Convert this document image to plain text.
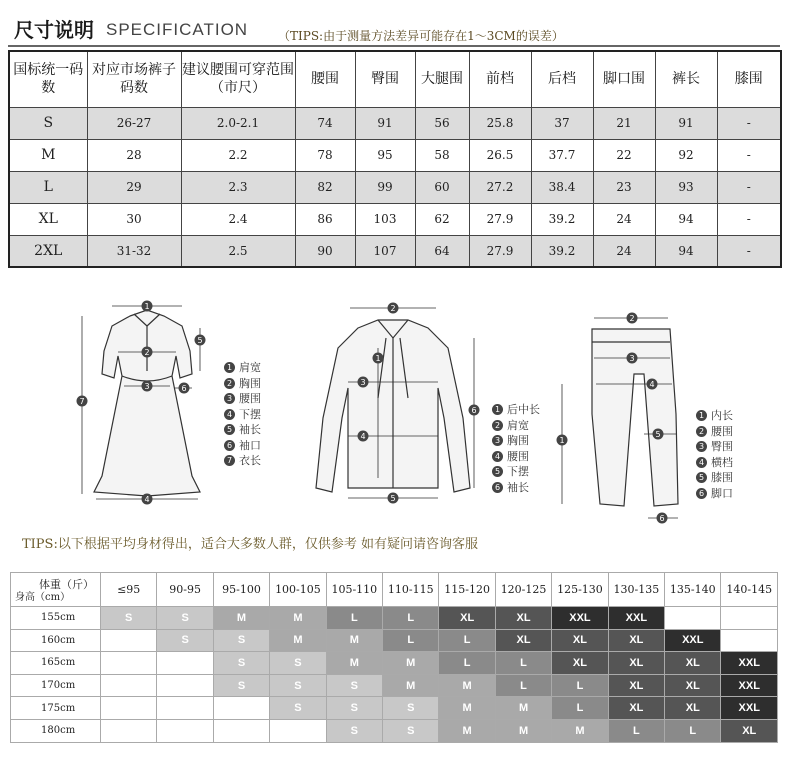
尺寸说明 SPECIFICATION （TIPS:由于测量方法差异可能存在1～3CM的误差）
国标统一码数	对应市场裤子码数	建议腰围可穿范围（市尺）	腰围	臀围	大腿围	前档	后档	脚口围	裤长	膝围
S	26-27	2.0-2.1	74	91	56	25.8	37	21	91	-
M	28	2.2	78	95	58	26.5	37.7	22	92	-
L	29	2.3	82	99	60	27.2	38.4	23	93	-
XL	30	2.4	86	103	62	27.9	39.2	24	94	-
2XL	31-32	2.5	90	107	64	27.9	39.2	24	94	-
1
2
3
4
5
6
7
1 肩宽
2 胸围
3 腰围
4 下摆
5 袖长
6 袖口
7 衣长
2
1
3
4
5
6	1 后中长
2 肩宽
3 胸围
4 腰围
5 下摆
6 袖长
2
3
4
1
5
6
1 内长
2 腰围
3 臀围
4 横档
5 膝围
6 脚口
TIPS:以下根据平均身材得出，适合大多数人群，仅供参考 如有疑问请咨询客服
体重（斤）
身高（cm）	≤95	90-95	95-100	100-105	105-110	110-115	115-120	120-125	125-130	130-135	135-140	140-145
155cm	S	S	M	M	L	L	XL	XL	XXL	XXL		
160cm		S	S	M	M	L	L	XL	XL	XL	XXL	
165cm			S	S	M	M	L	L	XL	XL	XL	XXL
170cm			S	S	S	M	M	L	L	XL	XL	XXL
175cm				S	S	S	M	M	L	XL	XL	XXL
180cm					S	S	M	M	M	L	L	XL
